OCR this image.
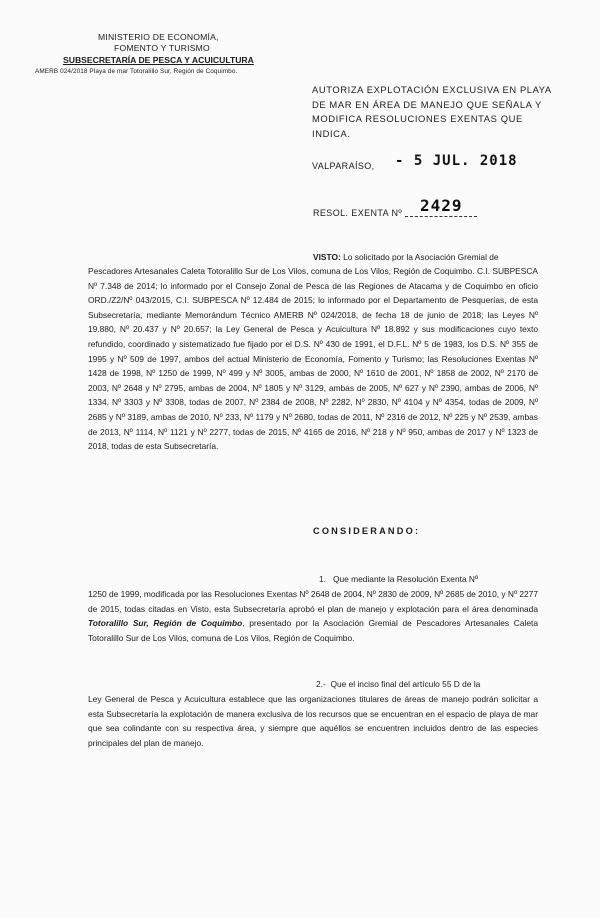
MINISTERIO DE ECONOMÍA,
FOMENTO Y TURISMO
SUBSECRETARÍA DE PESCA Y ACUICULTURA
AMERB 024/2018 Playa de mar Totoralillo Sur, Región de Coquimbo.
AUTORIZA EXPLOTACIÓN EXCLUSIVA EN PLAYA
DE MAR EN ÁREA DE MANEJO QUE SEÑALA Y
MODIFICA RESOLUCIONES EXENTAS QUE INDICA.
VALPARAÍSO, - 5 JUL. 2018
RESOL. EXENTA Nº 2429
VISTO: Lo solicitado por la Asociación Gremial de
Pescadores Artesanales Caleta Totoralillo Sur de Los Vilos, comuna de Los Vilos, Región de Coquimbo. C.I. SUBPESCA Nº 7.348 de 2014; lo informado por el Consejo Zonal de Pesca de las Regiones de Atacama y de Coquimbo en oficio ORD./Z2/Nº 043/2015, C.I. SUBPESCA Nº 12.484 de 2015; lo informado por el Departamento de Pesquerías, de esta Subsecretaría, mediante Memorándum Técnico AMERB Nº 024/2018, de fecha 18 de junio de 2018; las Leyes Nº 19.880, Nº 20.437 y Nº 20.657; la Ley General de Pesca y Acuicultura Nº 18.892 y sus modificaciones cuyo texto refundido, coordinado y sistematizado fue fijado por el D.S. Nº 430 de 1991, el D.F.L. Nº 5 de 1983, los D.S. Nº 355 de 1995 y Nº 509 de 1997, ambos del actual Ministerio de Economía, Fomento y Turismo; las Resoluciones Exentas Nº 1428 de 1998, Nº 1250 de 1999, Nº 499 y Nº 3005, ambas de 2000, Nº 1610 de 2001, Nº 1858 de 2002, Nº 2170 de 2003, Nº 2648 y Nº 2795, ambas de 2004, Nº 1805 y Nº 3129, ambas de 2005, Nº 627 y Nº 2390, ambas de 2006, Nº 1334, Nº 3303 y Nº 3308, todas de 2007, Nº 2384 de 2008, Nº 2282, Nº 2830, Nº 4104 y Nº 4354, todas de 2009, Nº 2685 y Nº 3189, ambas de 2010, Nº 233, Nº 1179 y Nº 2680, todas de 2011, Nº 2316 de 2012, Nº 225 y Nº 2539, ambas de 2013, Nº 1114, Nº 1121 y Nº 2277, todas de 2015, Nº 4165 de 2016, Nº 218 y Nº 950, ambas de 2017 y Nº 1323 de 2018, todas de esta Subsecretaría.
CONSIDERANDO:
1. Que mediante la Resolución Exenta Nº
1250 de 1999, modificada por las Resoluciones Exentas Nº 2648 de 2004, Nº 2830 de 2009, Nº 2685 de 2010, y Nº 2277 de 2015, todas citadas en Visto, esta Subsecretaría aprobó el plan de manejo y explotación para el área denominada Totoralillo Sur, Región de Coquimbo, presentado por la Asociación Gremial de Pescadores Artesanales Caleta Totoralillo Sur de Los Vilos, comuna de Los Vilos, Región de Coquimbo.
2.- Que el inciso final del artículo 55 D de la
Ley General de Pesca y Acuicultura establece que las organizaciones titulares de áreas de manejo podrán solicitar a esta Subsecretaría la explotación de manera exclusiva de los recursos que se encuentran en el espacio de playa de mar que sea colindante con su respectiva área, y siempre que aquéllos se encuentren incluidos dentro de las especies principales del plan de manejo.
